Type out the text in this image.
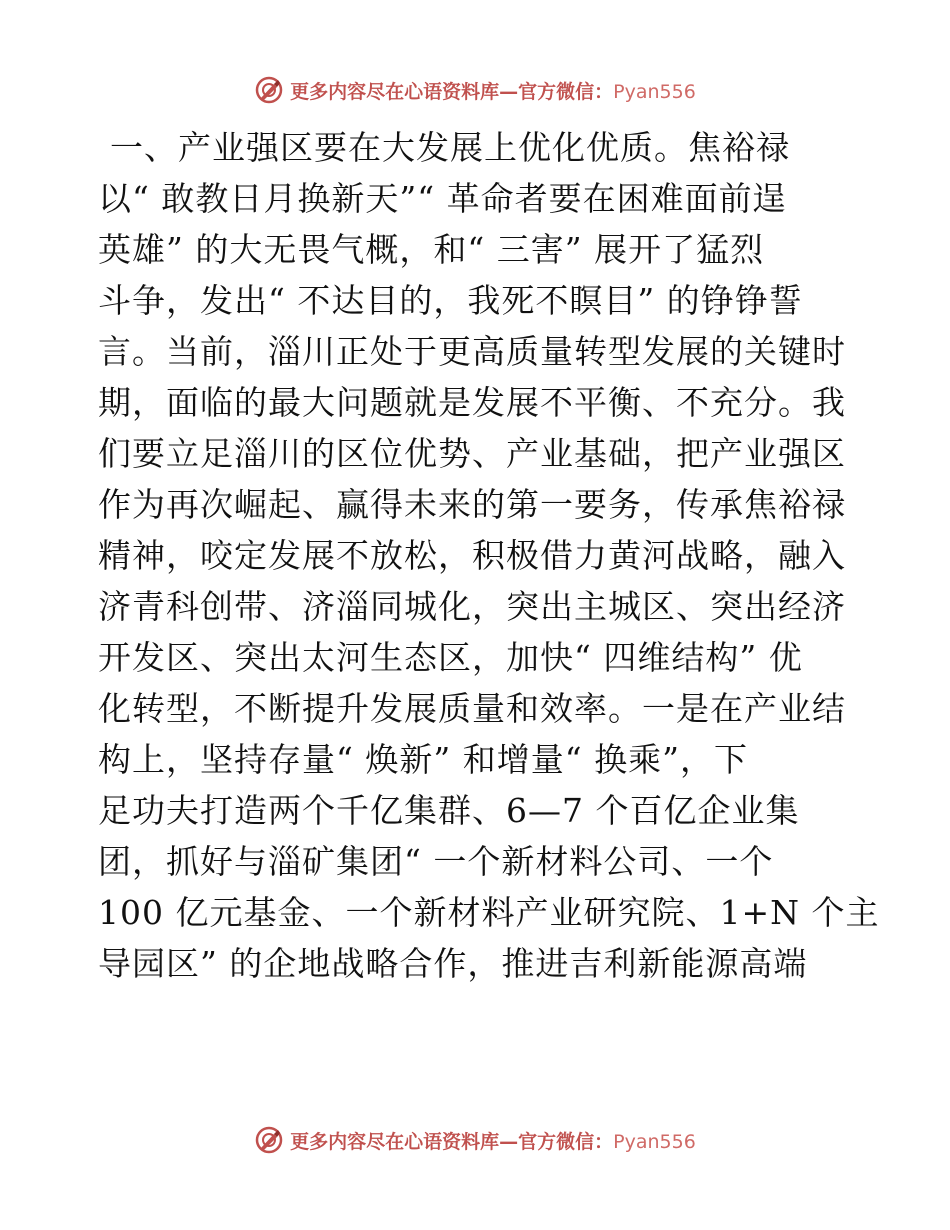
更多内容尽在心语资料库—官方微信：Pyan556
一、产业强区要在大发展上优化优质。焦裕禄
以“ 敢教日月换新天”“ 革命者要在困难面前逞
英雄” 的大无畏气概，和“ 三害” 展开了猛烈
斗争，发出“ 不达目的，我死不瞑目” 的铮铮誓
言。当前，淄川正处于更高质量转型发展的关键时
期，面临的最大问题就是发展不平衡、不充分。我
们要立足淄川的区位优势、产业基础，把产业强区
作为再次崛起、赢得未来的第一要务，传承焦裕禄
精神，咬定发展不放松，积极借力黄河战略，融入
济青科创带、济淄同城化，突出主城区、突出经济
开发区、突出太河生态区，加快“ 四维结构” 优
化转型，不断提升发展质量和效率。一是在产业结
构上，坚持存量“ 焕新” 和增量“ 换乘”，下
足功夫打造两个千亿集群、6—7 个百亿企业集
团，抓好与淄矿集团“ 一个新材料公司、一个
100 亿元基金、一个新材料产业研究院、1+N 个主
导园区” 的企地战略合作，推进吉利新能源高端
更多内容尽在心语资料库—官方微信：Pyan556
